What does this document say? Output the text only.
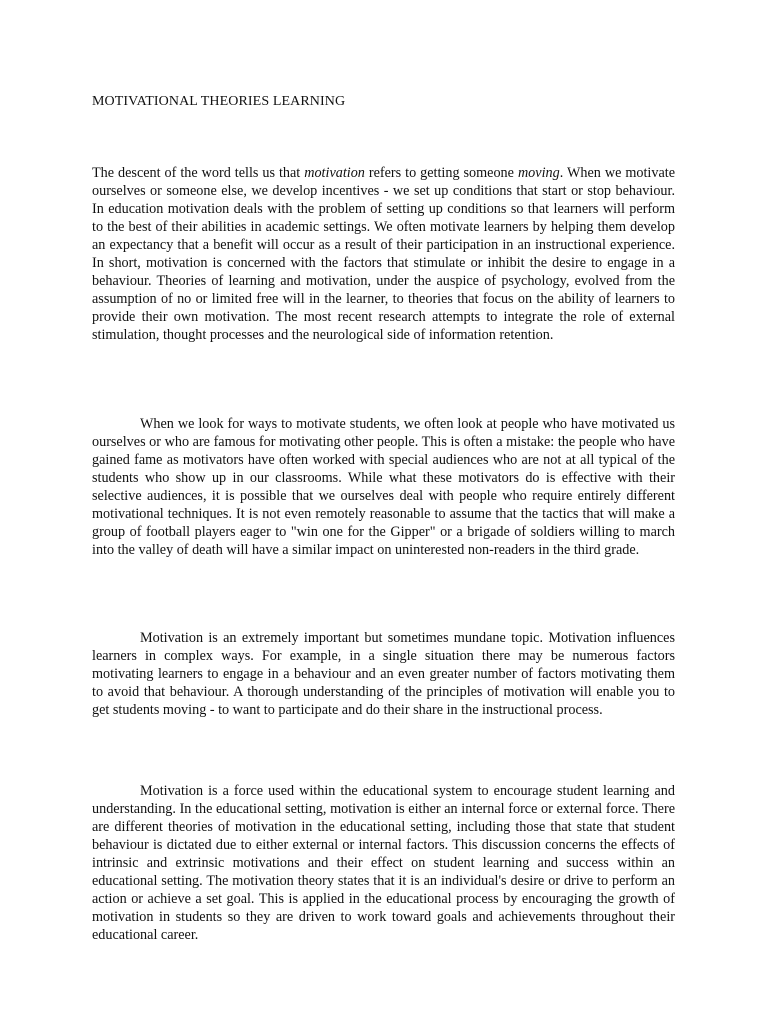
MOTIVATIONAL THEORIES LEARNING

The descent of the word tells us that motivation refers to getting someone moving. When we motivate ourselves or someone else, we develop incentives - we set up conditions that start or stop behaviour. In education motivation deals with the problem of setting up conditions so that learners will perform to the best of their abilities in academic settings. We often motivate learners by helping them develop an expectancy that a benefit will occur as a result of their participation in an instructional experience. In short, motivation is concerned with the factors that stimulate or inhibit the desire to engage in a behaviour. Theories of learning and motivation, under the auspice of psychology, evolved from the assumption of no or limited free will in the learner, to theories that focus on the ability of learners to provide their own motivation. The most recent research attempts to integrate the role of external stimulation, thought processes and the neurological side of information retention.

When we look for ways to motivate students, we often look at people who have motivated us ourselves or who are famous for motivating other people. This is often a mistake: the people who have gained fame as motivators have often worked with special audiences who are not at all typical of the students who show up in our classrooms. While what these motivators do is effective with their selective audiences, it is possible that we ourselves deal with people who require entirely different motivational techniques. It is not even remotely reasonable to assume that the tactics that will make a group of football players eager to "win one for the Gipper" or a brigade of soldiers willing to march into the valley of death will have a similar impact on uninterested non-readers in the third grade.

Motivation is an extremely important but sometimes mundane topic. Motivation influences learners in complex ways. For example, in a single situation there may be numerous factors motivating learners to engage in a behaviour and an even greater number of factors motivating them to avoid that behaviour. A thorough understanding of the principles of motivation will enable you to get students moving - to want to participate and do their share in the instructional process.

Motivation is a force used within the educational system to encourage student learning and understanding. In the educational setting, motivation is either an internal force or external force. There are different theories of motivation in the educational setting, including those that state that student behaviour is dictated due to either external or internal factors. This discussion concerns the effects of intrinsic and extrinsic motivations and their effect on student learning and success within an educational setting. The motivation theory states that it is an individual's desire or drive to perform an action or achieve a set goal. This is applied in the educational process by encouraging the growth of motivation in students so they are driven to work toward goals and achievements throughout their educational career.
